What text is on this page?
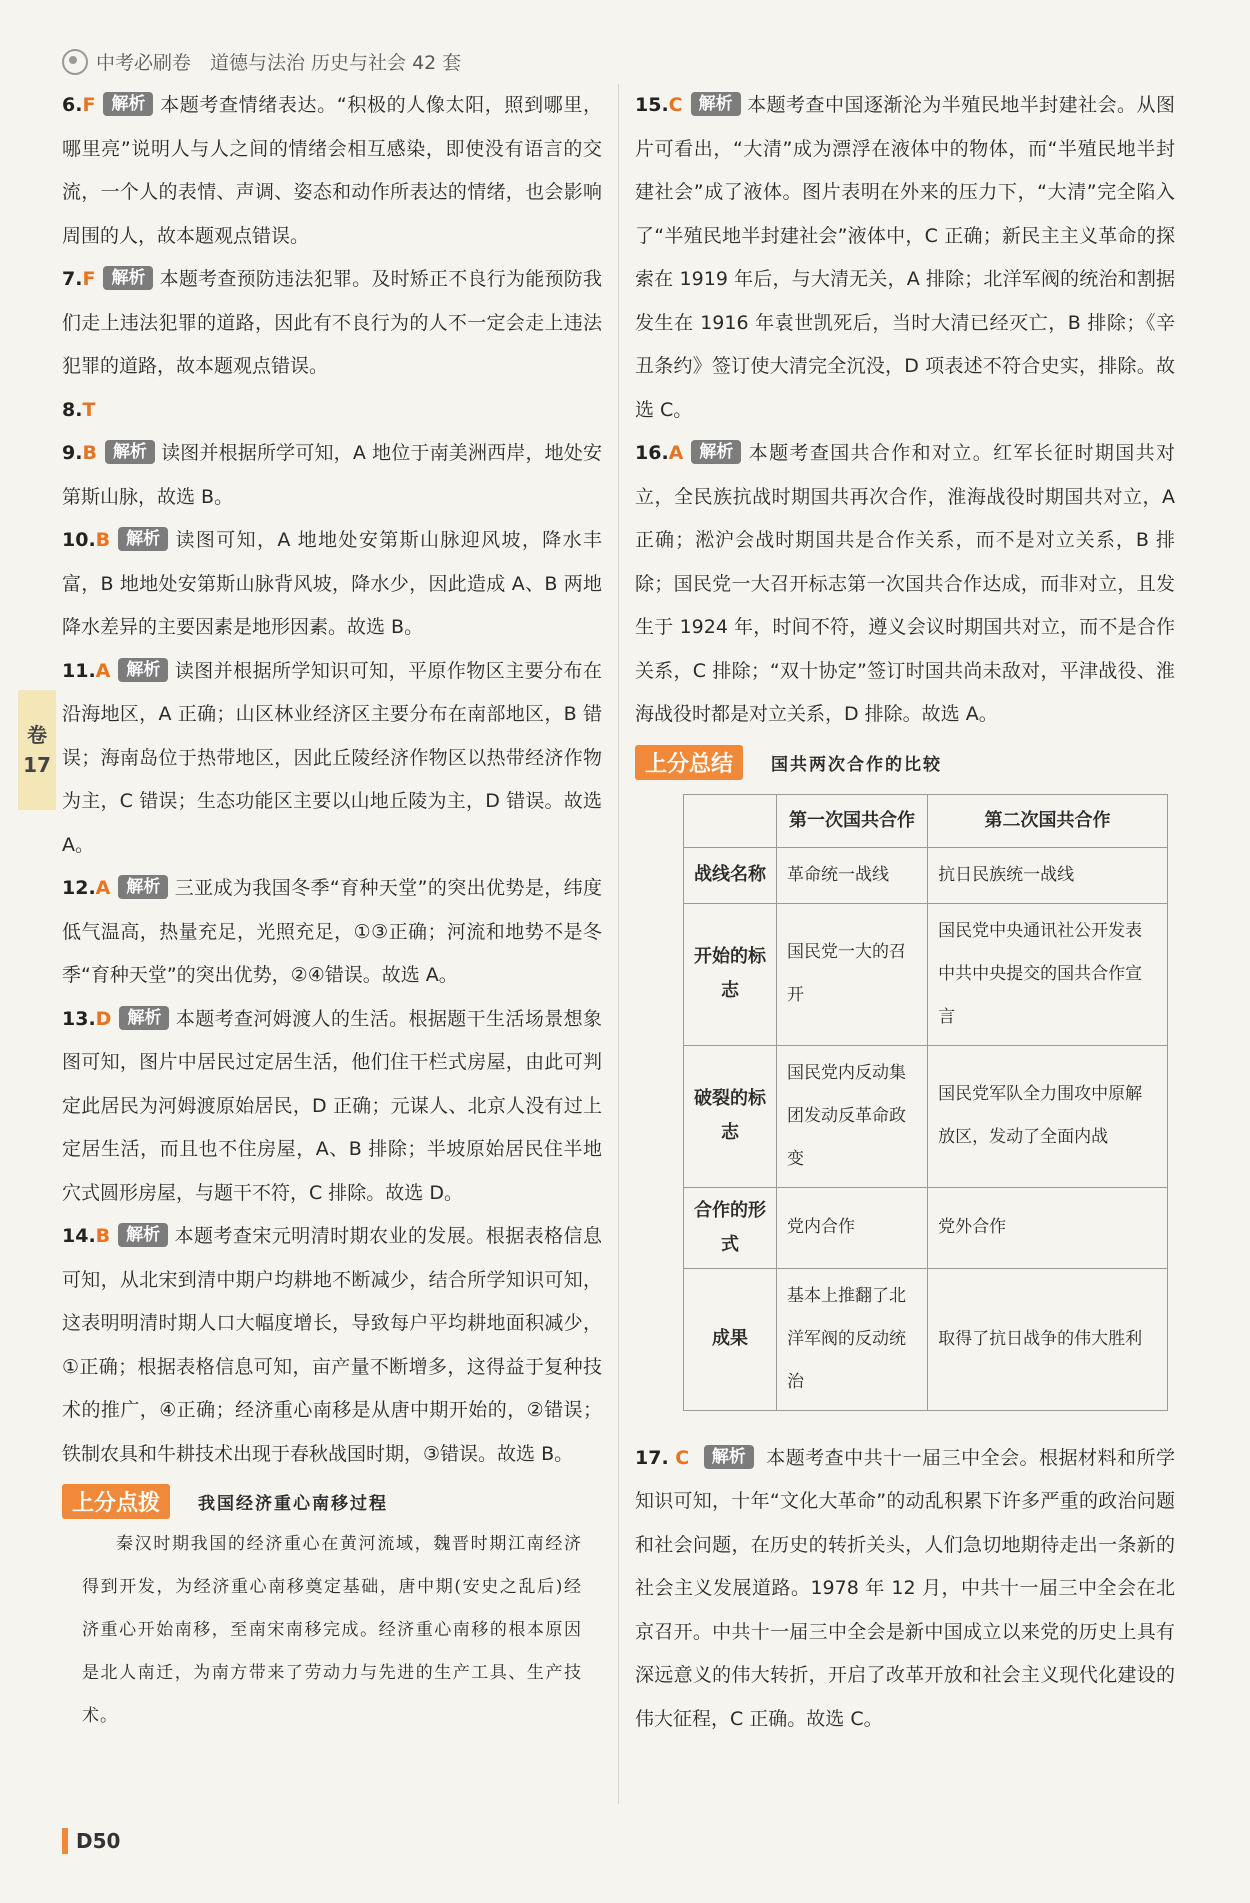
中考必刷卷　道德与法治 历史与社会 42 套
卷
17
6.F 解析 本题考查情绪表达。“积极的人像太阳，照到哪里，哪里亮”说明人与人之间的情绪会相互感染，即使没有语言的交流，一个人的表情、声调、姿态和动作所表达的情绪，也会影响周围的人，故本题观点错误。
7.F 解析 本题考查预防违法犯罪。及时矫正不良行为能预防我们走上违法犯罪的道路，因此有不良行为的人不一定会走上违法犯罪的道路，故本题观点错误。
8.T
9.B 解析 读图并根据所学可知，A 地位于南美洲西岸，地处安第斯山脉，故选 B。
10.B 解析 读图可知，A 地地处安第斯山脉迎风坡，降水丰富，B 地地处安第斯山脉背风坡，降水少，因此造成 A、B 两地降水差异的主要因素是地形因素。故选 B。
11.A 解析 读图并根据所学知识可知，平原作物区主要分布在沿海地区，A 正确；山区林业经济区主要分布在南部地区，B 错误；海南岛位于热带地区，因此丘陵经济作物区以热带经济作物为主，C 错误；生态功能区主要以山地丘陵为主，D 错误。故选 A。
12.A 解析 三亚成为我国冬季“育种天堂”的突出优势是，纬度低气温高，热量充足，光照充足，①③正确；河流和地势不是冬季“育种天堂”的突出优势，②④错误。故选 A。
13.D 解析 本题考查河姆渡人的生活。根据题干生活场景想象图可知，图片中居民过定居生活，他们住干栏式房屋，由此可判定此居民为河姆渡原始居民，D 正确；元谋人、北京人没有过上定居生活，而且也不住房屋，A、B 排除；半坡原始居民住半地穴式圆形房屋，与题干不符，C 排除。故选 D。
14.B 解析 本题考查宋元明清时期农业的发展。根据表格信息可知，从北宋到清中期户均耕地不断减少，结合所学知识可知，这表明明清时期人口大幅度增长，导致每户平均耕地面积减少，①正确；根据表格信息可知，亩产量不断增多，这得益于复种技术的推广，④正确；经济重心南移是从唐中期开始的，②错误；铁制农具和牛耕技术出现于春秋战国时期，③错误。故选 B。
上分点拨	我国经济重心南移过程
秦汉时期我国的经济重心在黄河流域，魏晋时期江南经济得到开发，为经济重心南移奠定基础，唐中期(安史之乱后)经济重心开始南移，至南宋南移完成。经济重心南移的根本原因是北人南迁，为南方带来了劳动力与先进的生产工具、生产技术。
15.C 解析 本题考查中国逐渐沦为半殖民地半封建社会。从图片可看出，“大清”成为漂浮在液体中的物体，而“半殖民地半封建社会”成了液体。图片表明在外来的压力下，“大清”完全陷入了“半殖民地半封建社会”液体中，C 正确；新民主主义革命的探索在 1919 年后，与大清无关，A 排除；北洋军阀的统治和割据发生在 1916 年袁世凯死后，当时大清已经灭亡，B 排除；《辛丑条约》签订使大清完全沉没，D 项表述不符合史实，排除。故选 C。
16.A 解析 本题考查国共合作和对立。红军长征时期国共对立，全民族抗战时期国共再次合作，淮海战役时期国共对立，A 正确；淞沪会战时期国共是合作关系，而不是对立关系，B 排除；国民党一大召开标志第一次国共合作达成，而非对立，且发生于 1924 年，时间不符，遵义会议时期国共对立，而不是合作关系，C 排除；“双十协定”签订时国共尚未敌对，平津战役、淮海战役时都是对立关系，D 排除。故选 A。
上分总结	国共两次合作的比较
	第一次国共合作	第二次国共合作
战线名称	革命统一战线	抗日民族统一战线
开始的标志	国民党一大的召开	国民党中央通讯社公开发表中共中央提交的国共合作宣言
破裂的标志	国民党内反动集团发动反革命政变	国民党军队全力围攻中原解放区，发动了全面内战
合作的形式	党内合作	党外合作
成果	基本上推翻了北洋军阀的反动统治	取得了抗日战争的伟大胜利
17. C 解析 本题考查中共十一届三中全会。根据材料和所学知识可知，十年“文化大革命”的动乱积累下许多严重的政治问题和社会问题，在历史的转折关头，人们急切地期待走出一条新的社会主义发展道路。1978 年 12 月，中共十一届三中全会在北京召开。中共十一届三中全会是新中国成立以来党的历史上具有深远意义的伟大转折，开启了改革开放和社会主义现代化建设的伟大征程，C 正确。故选 C。
D50
